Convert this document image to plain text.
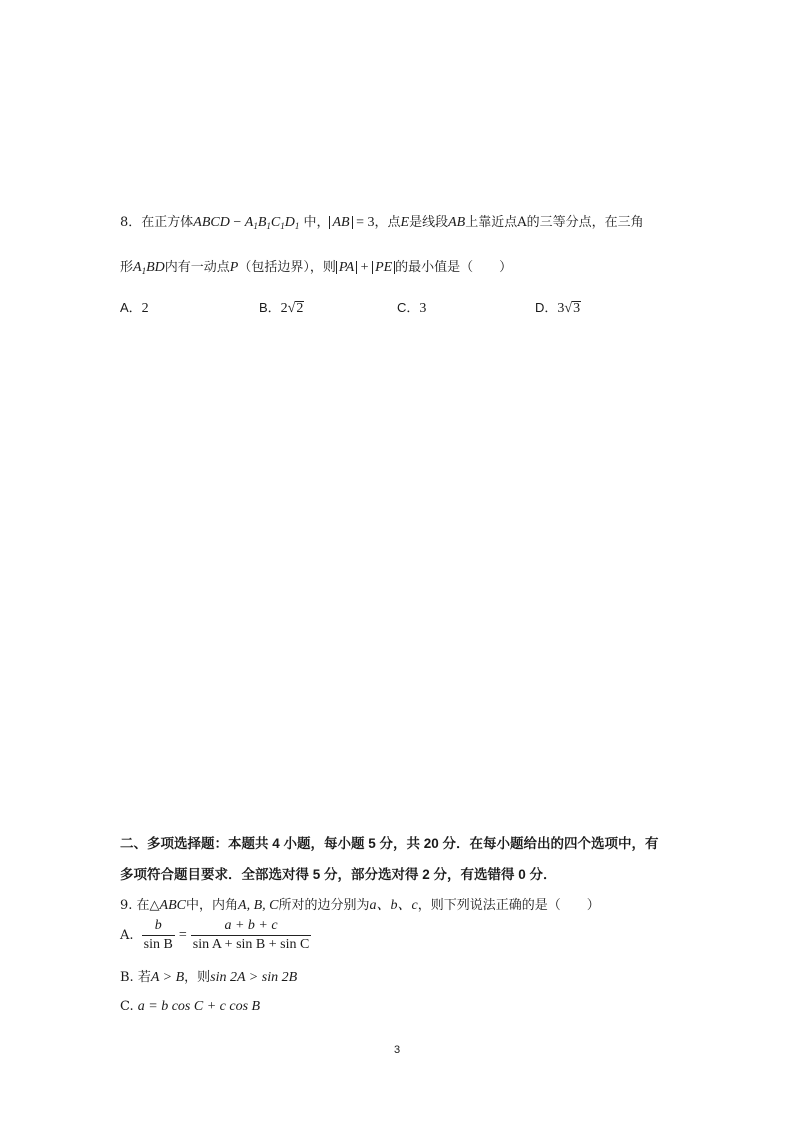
8．在正方体ABCD − $A_1B_1C_1D_1$ 中， AB = 3，点E是线段AB上靠近点A的三等分点，在三角
形$A_1BD$内有一动点P（包括边界），则 PA + PE 的最小值是（　　）
A．2	B．2√2	C．3	D．3√3
二、多项选择题：本题共 4 小题，每小题 5 分，共 20 分．在每小题给出的四个选项中，有
多项符合题目要求．全部选对得 5 分，部分选对得 2 分，有选错得 0 分．
9. 在△ABC中，内角A, B, C所对的边分别为a、b、c，则下列说法正确的是（　　）
A. $\frac{b}{\text{sin B}} = \frac{a + b + c}{\text{sin A + sin B + sin C}}$
B. 若A > B，则sin 2A > sin 2B
C. a = b cos C + c cos B
3
